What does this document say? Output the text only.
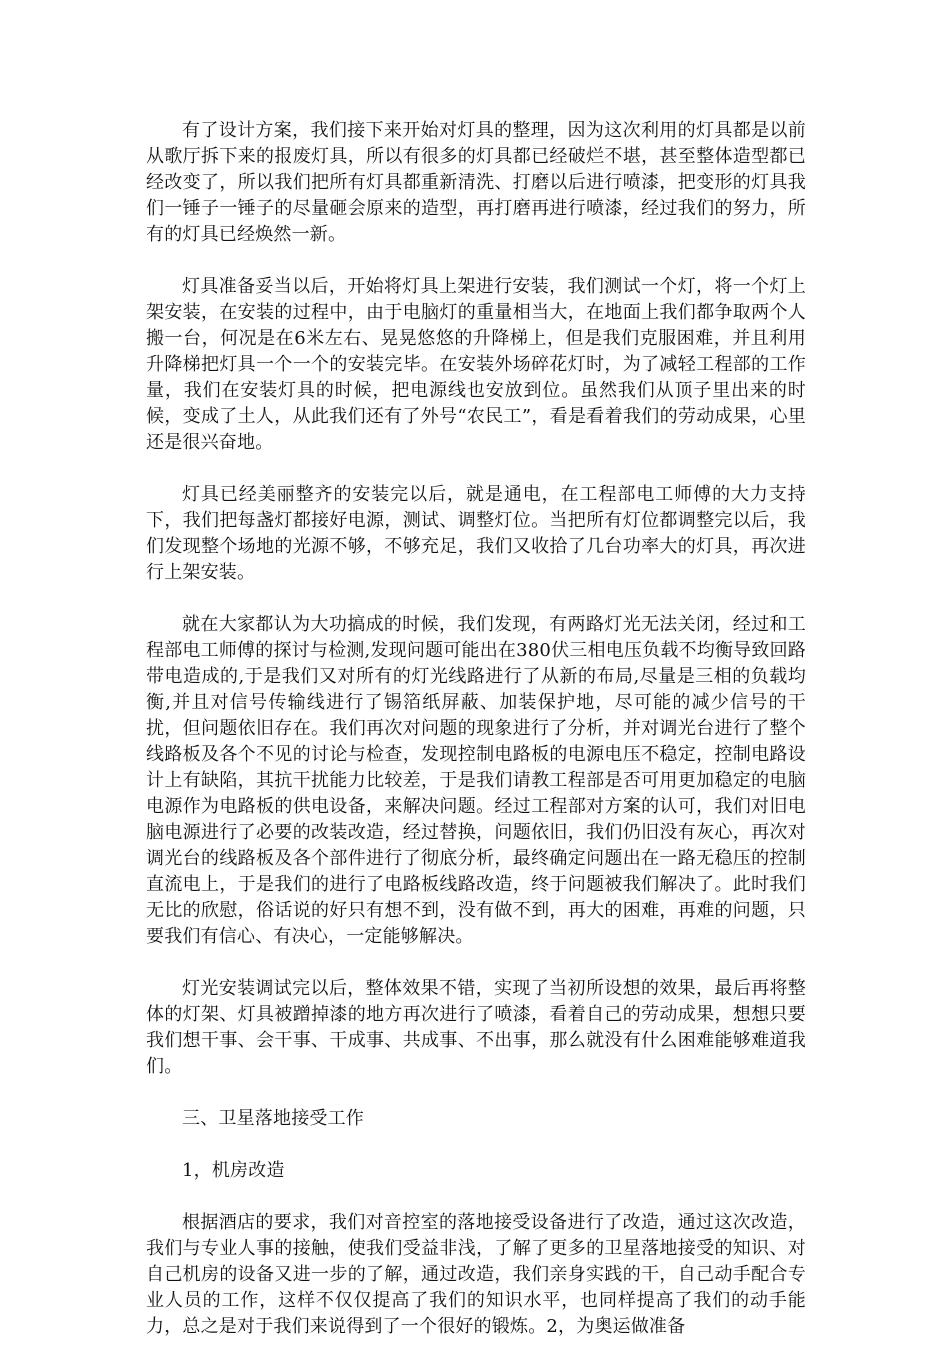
有了设计方案，我们接下来开始对灯具的整理，因为这次利用的灯具都是以前从歌厅拆下来的报废灯具，所以有很多的灯具都已经破烂不堪，甚至整体造型都已经改变了，所以我们把所有灯具都重新清洗、打磨以后进行喷漆，把变形的灯具我们一锤子一锤子的尽量砸会原来的造型，再打磨再进行喷漆，经过我们的努力，所有的灯具已经焕然一新。

灯具准备妥当以后，开始将灯具上架进行安装，我们测试一个灯，将一个灯上架安装，在安装的过程中，由于电脑灯的重量相当大，在地面上我们都争取两个人搬一台，何况是在6米左右、晃晃悠悠的升降梯上，但是我们克服困难，并且利用升降梯把灯具一个一个的安装完毕。在安装外场碎花灯时，为了减轻工程部的工作量，我们在安装灯具的时候，把电源线也安放到位。虽然我们从顶子里出来的时候，变成了土人，从此我们还有了外号“农民工”，看是看着我们的劳动成果，心里还是很兴奋地。

灯具已经美丽整齐的安装完以后，就是通电，在工程部电工师傅的大力支持下，我们把每盏灯都接好电源，测试、调整灯位。当把所有灯位都调整完以后，我们发现整个场地的光源不够，不够充足，我们又收拾了几台功率大的灯具，再次进行上架安装。

就在大家都认为大功搞成的时候，我们发现，有两路灯光无法关闭，经过和工程部电工师傅的探讨与检测,发现问题可能出在380伏三相电压负载不均衡导致回路带电造成的,于是我们又对所有的灯光线路进行了从新的布局,尽量是三相的负载均衡,并且对信号传输线进行了锡箔纸屏蔽、加装保护地，尽可能的减少信号的干扰，但问题依旧存在。我们再次对问题的现象进行了分析，并对调光台进行了整个线路板及各个不见的讨论与检查，发现控制电路板的电源电压不稳定，控制电路设计上有缺陷，其抗干扰能力比较差，于是我们请教工程部是否可用更加稳定的电脑电源作为电路板的供电设备，来解决问题。经过工程部对方案的认可，我们对旧电脑电源进行了必要的改装改造，经过替换，问题依旧，我们仍旧没有灰心，再次对调光台的线路板及各个部件进行了彻底分析，最终确定问题出在一路无稳压的控制直流电上，于是我们的进行了电路板线路改造，终于问题被我们解决了。此时我们无比的欣慰，俗话说的好只有想不到，没有做不到，再大的困难，再难的问题，只要我们有信心、有决心，一定能够解决。

灯光安装调试完以后，整体效果不错，实现了当初所设想的效果，最后再将整体的灯架、灯具被蹭掉漆的地方再次进行了喷漆，看着自己的劳动成果，想想只要我们想干事、会干事、干成事、共成事、不出事，那么就没有什么困难能够难道我们。

三、卫星落地接受工作

1，机房改造

根据酒店的要求，我们对音控室的落地接受设备进行了改造，通过这次改造，我们与专业人事的接触，使我们受益非浅，了解了更多的卫星落地接受的知识、对自己机房的设备又进一步的了解，通过改造，我们亲身实践的干，自己动手配合专业人员的工作，这样不仅仅提高了我们的知识水平，也同样提高了我们的动手能力，总之是对于我们来说得到了一个很好的锻炼。2，为奥运做准备
